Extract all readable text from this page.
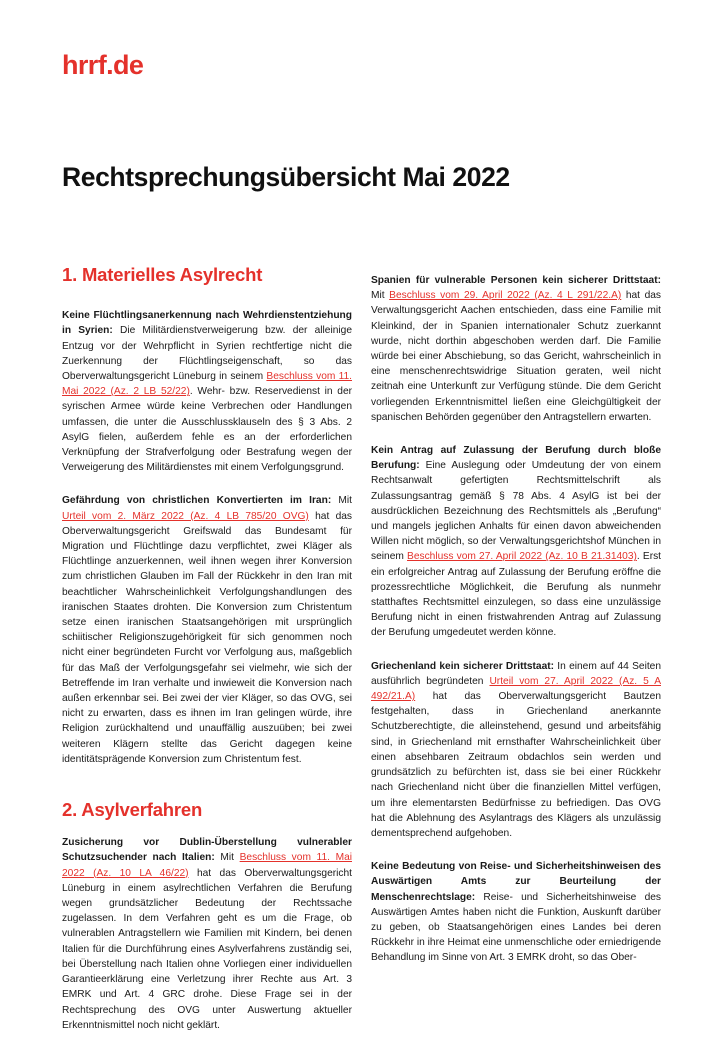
hrrf.de
Rechtsprechungsübersicht Mai 2022
1. Materielles Asylrecht

Keine Flüchtlingsanerkennung nach Wehrdienstentziehung in Syrien: Die Militärdienstverweigerung bzw. der alleinige Entzug vor der Wehrpflicht in Syrien rechtfertige nicht die Zuerkennung der Flüchtlingseigenschaft, so das Oberverwaltungsgericht Lüneburg in seinem Beschluss vom 11. Mai 2022 (Az. 2 LB 52/22). Wehr- bzw. Reservedienst in der syrischen Armee würde keine Verbrechen oder Handlungen umfassen, die unter die Ausschlussklauseln des § 3 Abs. 2 AsylG fielen, außerdem fehle es an der erforderlichen Verknüpfung der Strafverfolgung oder Bestrafung wegen der Verweigerung des Militärdienstes mit einem Verfolgungsgrund.

Gefährdung von christlichen Konvertierten im Iran: Mit Urteil vom 2. März 2022 (Az. 4 LB 785/20 OVG) hat das Oberverwaltungsgericht Greifswald das Bundesamt für Migration und Flüchtlinge dazu verpflichtet, zwei Kläger als Flüchtlinge anzuerkennen, weil ihnen wegen ihrer Konversion zum christlichen Glauben im Fall der Rückkehr in den Iran mit beachtlicher Wahrscheinlichkeit Verfolgungshandlungen des iranischen Staates drohten. Die Konversion zum Christentum setze einen iranischen Staatsangehörigen mit ursprünglich schiitischer Religionszugehörigkeit für sich genommen noch nicht einer begründeten Furcht vor Verfolgung aus, maßgeblich für das Maß der Verfolgungsgefahr sei vielmehr, wie sich der Betreffende im Iran verhalte und inwieweit die Konversion nach außen erkennbar sei. Bei zwei der vier Kläger, so das OVG, sei nicht zu erwarten, dass es ihnen im Iran gelingen würde, ihre Religion zurückhaltend und unauffällig auszuüben; bei zwei weiteren Klägern stellte das Gericht dagegen keine identitätsprägende Konversion zum Christentum fest.

2. Asylverfahren

Zusicherung vor Dublin-Überstellung vulnerabler Schutzsuchender nach Italien: Mit Beschluss vom 11. Mai 2022 (Az. 10 LA 46/22) hat das Oberverwaltungsgericht Lüneburg in einem asylrechtlichen Verfahren die Berufung wegen grundsätzlicher Bedeutung der Rechtssache zugelassen. In dem Verfahren geht es um die Frage, ob vulnerablen Antragstellern wie Familien mit Kindern, bei denen Italien für die Durchführung eines Asylverfahrens zuständig sei, bei Überstellung nach Italien ohne Vorliegen einer individuellen Garantieerklärung eine Verletzung ihrer Rechte aus Art. 3 EMRK und Art. 4 GRC drohe. Diese Frage sei in der Rechtsprechung des OVG unter Auswertung aktueller Erkenntnismittel noch nicht geklärt.

Spanien für vulnerable Personen kein sicherer Drittstaat: Mit Beschluss vom 29. April 2022 (Az. 4 L 291/22.A) hat das Verwaltungsgericht Aachen entschieden, dass eine Familie mit Kleinkind, der in Spanien internationaler Schutz zuerkannt wurde, nicht dorthin abgeschoben werden darf. Die Familie würde bei einer Abschiebung, so das Gericht, wahrscheinlich in eine menschenrechtswidrige Situation geraten, weil nicht zeitnah eine Unterkunft zur Verfügung stünde. Die dem Gericht vorliegenden Erkenntnismittel ließen eine Gleichgültigkeit der spanischen Behörden gegenüber den Antragstellern erwarten.

Kein Antrag auf Zulassung der Berufung durch bloße Berufung: Eine Auslegung oder Umdeutung der von einem Rechtsanwalt gefertigten Rechtsmittelschrift als Zulassungsantrag gemäß § 78 Abs. 4 AsylG ist bei der ausdrücklichen Bezeichnung des Rechtsmittels als „Berufung“ und mangels jeglichen Anhalts für einen davon abweichenden Willen nicht möglich, so der Verwaltungsgerichtshof München in seinem Beschluss vom 27. April 2022 (Az. 10 B 21.31403). Erst ein erfolgreicher Antrag auf Zulassung der Berufung eröffne die prozessrechtliche Möglichkeit, die Berufung als nunmehr statthaftes Rechtsmittel einzulegen, so dass eine unzulässige Berufung nicht in einen fristwahrenden Antrag auf Zulassung der Berufung umgedeutet werden könne.

Griechenland kein sicherer Drittstaat: In einem auf 44 Seiten ausführlich begründeten Urteil vom 27. April 2022 (Az. 5 A 492/21.A) hat das Oberverwaltungsgericht Bautzen festgehalten, dass in Griechenland anerkannte Schutzberechtigte, die alleinstehend, gesund und arbeitsfähig sind, in Griechenland mit ernsthafter Wahrscheinlichkeit über einen absehbaren Zeitraum obdachlos sein werden und grundsätzlich zu befürchten ist, dass sie bei einer Rückkehr nach Griechenland nicht über die finanziellen Mittel verfügen, um ihre elementarsten Bedürfnisse zu befriedigen. Das OVG hat die Ablehnung des Asylantrags des Klägers als unzulässig dementsprechend aufgehoben.

Keine Bedeutung von Reise- und Sicherheitshinweisen des Auswärtigen Amts zur Beurteilung der Menschenrechtslage: Reise- und Sicherheitshinweise des Auswärtigen Amtes haben nicht die Funktion, Auskunft darüber zu geben, ob Staatsangehörigen eines Landes bei deren Rückkehr in ihre Heimat eine unmenschliche oder erniedrigende Behandlung im Sinne von Art. 3 EMRK droht, so das Ober-
